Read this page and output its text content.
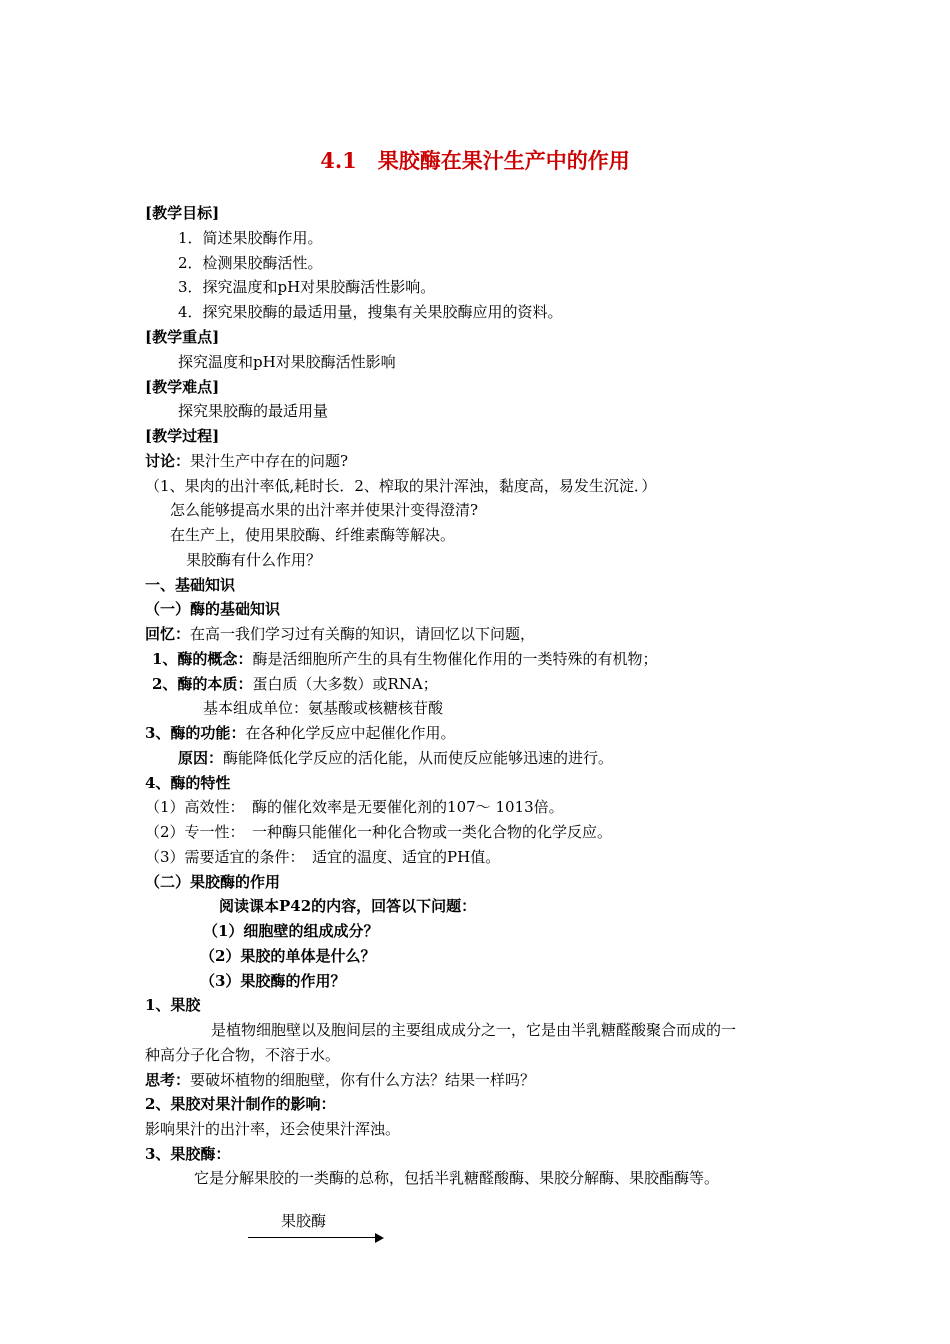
4.1　果胶酶在果汁生产中的作用
[教学目标]
1．简述果胶酶作用。
2．检测果胶酶活性。
3．探究温度和pH对果胶酶活性影响。
4．探究果胶酶的最适用量，搜集有关果胶酶应用的资料。
[教学重点]
探究温度和pH对果胶酶活性影响
[教学难点]
探究果胶酶的最适用量
[教学过程]
讨论：果汁生产中存在的问题?
（1、果肉的出汁率低,耗时长．2、榨取的果汁浑浊，黏度高，易发生沉淀．）
怎么能够提高水果的出汁率并使果汁变得澄清?
在生产上，使用果胶酶、纤维素酶等解决。
果胶酶有什么作用？
一、基础知识
（一）酶的基础知识
回忆：在高一我们学习过有关酶的知识，请回忆以下问题，
1、酶的概念：酶是活细胞所产生的具有生物催化作用的一类特殊的有机物；
2、酶的本质：蛋白质（大多数）或RNA；
基本组成单位：氨基酸或核糖核苷酸
3、酶的功能：在各种化学反应中起催化作用。
原因：酶能降低化学反应的活化能，从而使反应能够迅速的进行。
4、酶的特性
（1）高效性：　酶的催化效率是无要催化剂的107～ 1013倍。
（2）专一性：　一种酶只能催化一种化合物或一类化合物的化学反应。
（3）需要适宜的条件：　适宜的温度、适宜的PH值。
（二）果胶酶的作用
阅读课本P42的内容，回答以下问题：
（1）细胞壁的组成成分？
（2）果胶的单体是什么？
（3）果胶酶的作用？
1、果胶
是植物细胞壁以及胞间层的主要组成成分之一，它是由半乳糖醛酸聚合而成的一
种高分子化合物，不溶于水。
思考：要破坏植物的细胞壁，你有什么方法？结果一样吗？
2、果胶对果汁制作的影响：
影响果汁的出汁率，还会使果汁浑浊。
3、果胶酶：
它是分解果胶的一类酶的总称，包括半乳糖醛酸酶、果胶分解酶、果胶酯酶等。
果胶酶
